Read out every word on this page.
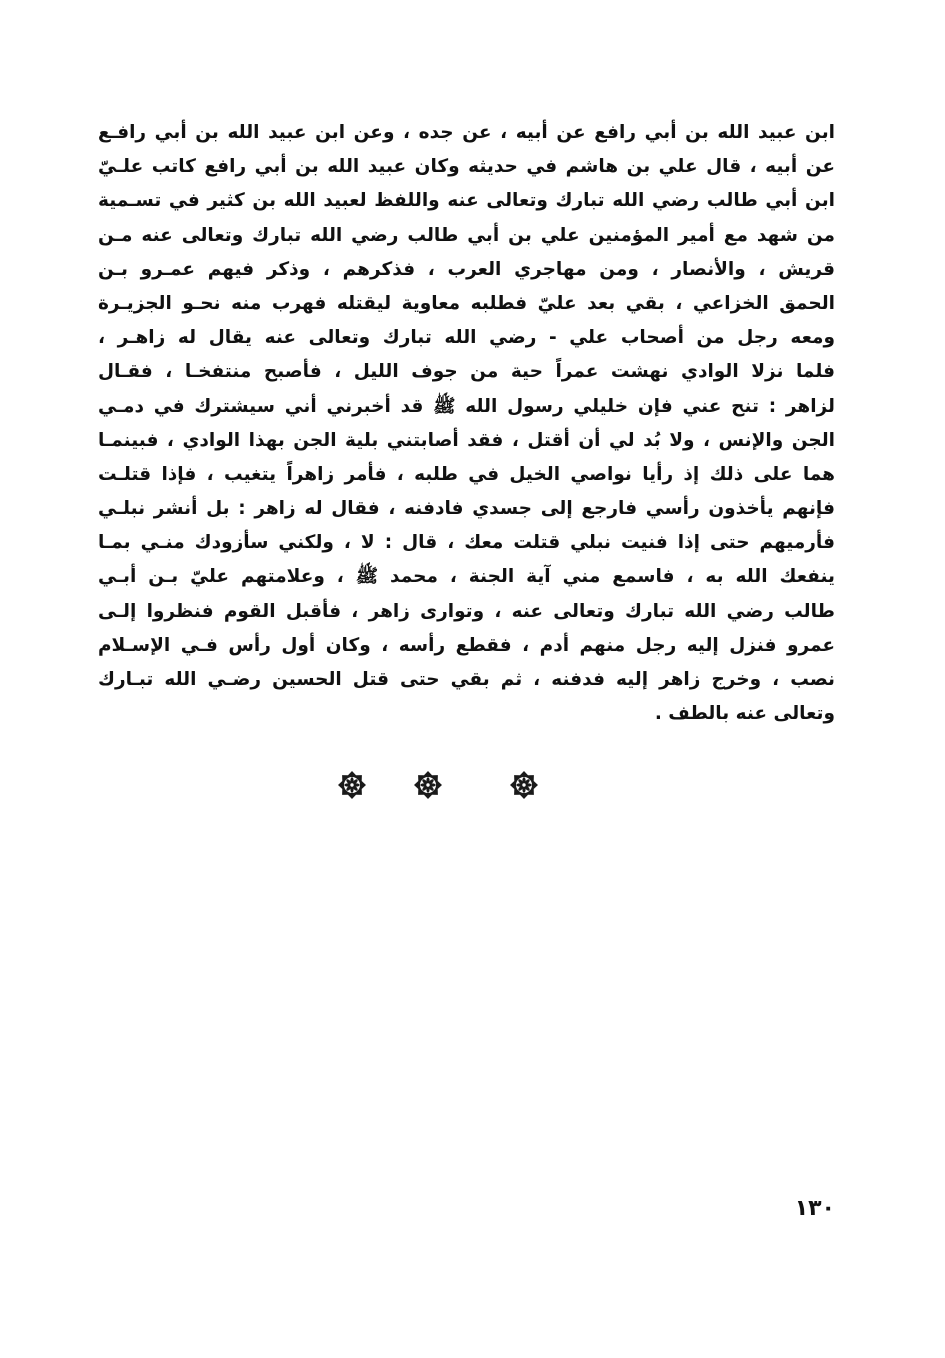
ابن عبيد الله بن أبي رافع عن أبيه ، عن جده ، وعن ابن عبيد الله بن أبي رافـع
عن أبيه ، قال علي بن هاشم في حديثه وكان عبيد الله بن أبي رافع كاتب علـيّ
ابن أبي طالب رضي الله تبارك وتعالى عنه واللفظ لعبيد الله بن كثير في تسـمية
من شهد مع أمير المؤمنين علي بن أبي طالب رضي الله تبارك وتعالى عنه مـن
قريش ، والأنصار ، ومن مهاجري العرب ، فذكرهم ، وذكر فيهم عمـرو بـن
الحمق الخزاعي ، بقي بعد عليّ فطلبه معاوية ليقتله فهرب منه نحـو الجزيـرة
ومعه رجل من أصحاب علي - رضي الله تبارك وتعالى عنه يقال له زاهـر ،
فلما نزلا الوادي نهشت عمراً حية من جوف الليل ، فأصبح منتفخـا ، فقـال
لزاهر : تنح عني فإن خليلي رسول الله ﷺ قد أخبرني أني سيشترك في دمـي
الجن والإنس ، ولا بُد لي أن أقتل ، فقد أصابتني بلية الجن بهذا الوادي ، فبينمـا
هما على ذلك إذ رأيا نواصي الخيل في طلبه ، فأمر زاهراً يتغيب ، فإذا قتلـت
فإنهم يأخذون رأسي فارجع إلى جسدي فادفنه ، فقال له زاهر : بل أنشر نبلـي
فأرميهم حتى إذا فنيت نبلي قتلت معك ، قال : لا ، ولكني سأزودك منـي بمـا
ينفعك الله به ، فاسمع مني آية الجنة ، محمد ﷺ ، وعلامتهم عليّ بـن أبـي
طالب رضي الله تبارك وتعالى عنه ، وتوارى زاهر ، فأقبل القوم فنظروا إلـى
عمرو فنزل إليه رجل منهم أدم ، فقطع رأسه ، وكان أول رأس فـي الإسـلام
نصب ، وخرج زاهر إليه فدفنه ، ثم بقي حتى قتل الحسين رضـي الله تبـارك
وتعالى عنه بالطف .
١٣٠
